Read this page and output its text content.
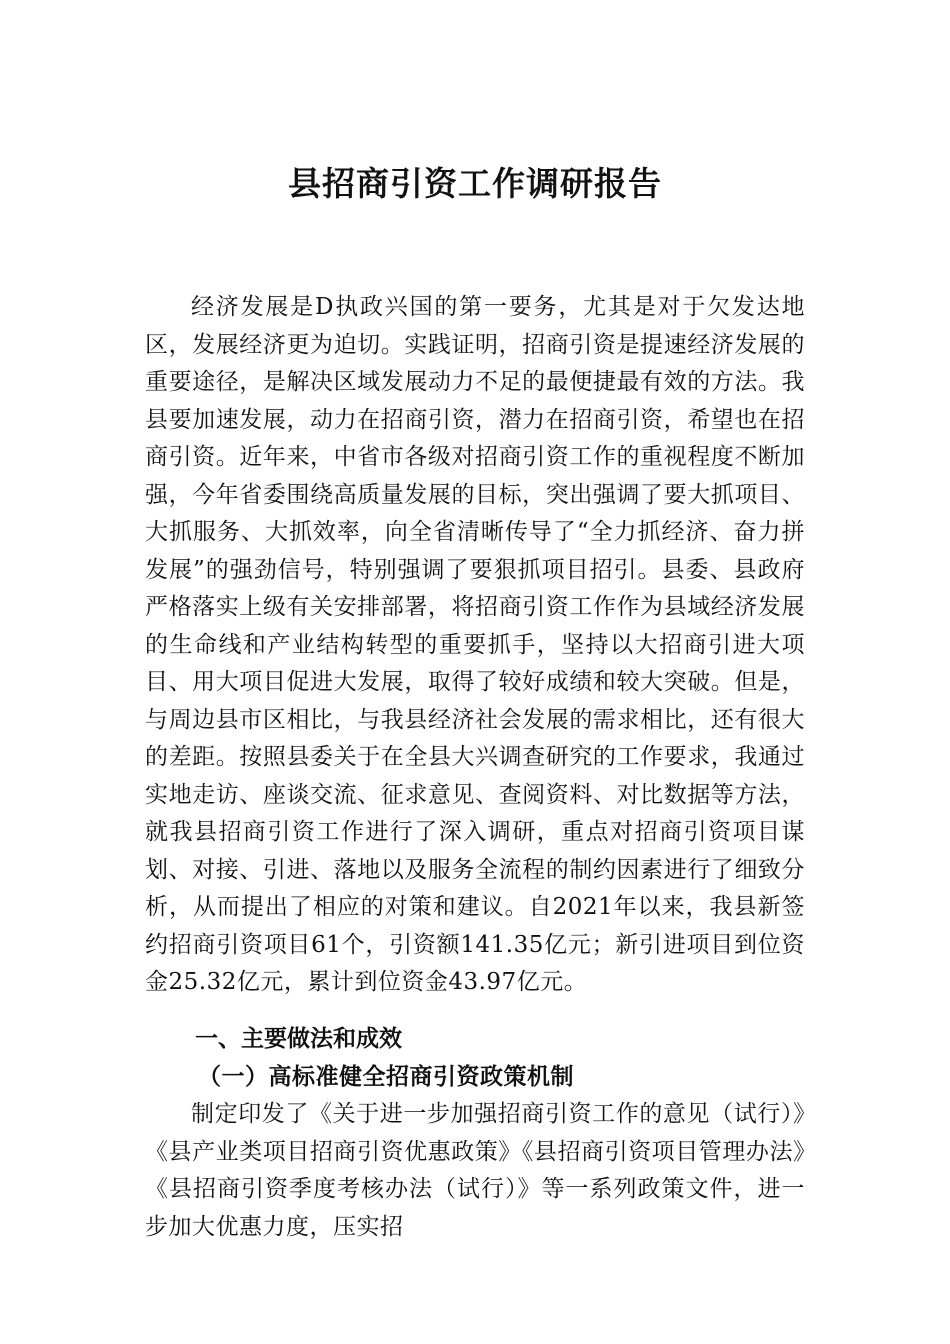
县招商引资工作调研报告

经济发展是D执政兴国的第一要务，尤其是对于欠发达地区，发展经济更为迫切。实践证明，招商引资是提速经济发展的重要途径，是解决区域发展动力不足的最便捷最有效的方法。我县要加速发展，动力在招商引资，潜力在招商引资，希望也在招商引资。近年来，中省市各级对招商引资工作的重视程度不断加强，今年省委围绕高质量发展的目标，突出强调了要大抓项目、大抓服务、大抓效率，向全省清晰传导了“全力抓经济、奋力拼发展”的强劲信号，特别强调了要狠抓项目招引。县委、县政府严格落实上级有关安排部署，将招商引资工作作为县域经济发展的生命线和产业结构转型的重要抓手，坚持以大招商引进大项目、用大项目促进大发展，取得了较好成绩和较大突破。但是，与周边县市区相比，与我县经济社会发展的需求相比，还有很大的差距。按照县委关于在全县大兴调查研究的工作要求，我通过实地走访、座谈交流、征求意见、查阅资料、对比数据等方法，就我县招商引资工作进行了深入调研，重点对招商引资项目谋划、对接、引进、落地以及服务全流程的制约因素进行了细致分析，从而提出了相应的对策和建议。自2021年以来，我县新签约招商引资项目61个，引资额141.35亿元；新引进项目到位资金25.32亿元，累计到位资金43.97亿元。

一、主要做法和成效
（一）高标准健全招商引资政策机制

制定印发了《关于进一步加强招商引资工作的意见（试行）》《县产业类项目招商引资优惠政策》《县招商引资项目管理办法》《县招商引资季度考核办法（试行）》等一系列政策文件，进一步加大优惠力度，压实招
